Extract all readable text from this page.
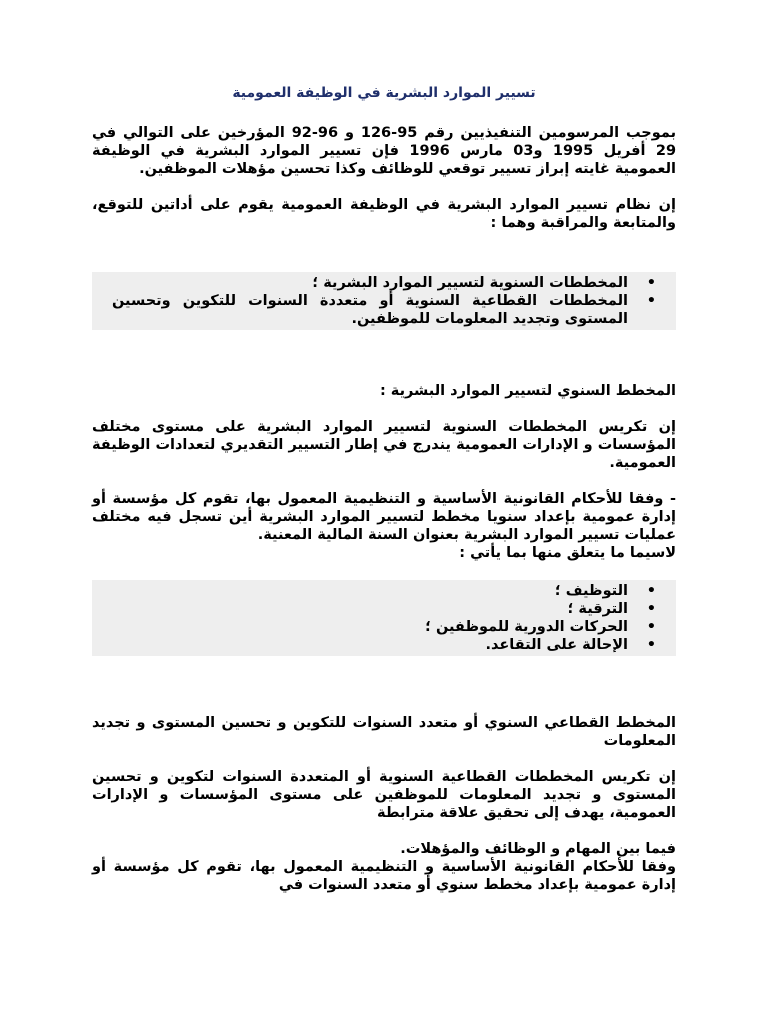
تسيير الموارد البشرية في الوظيفة العمومية

بموجب المرسومين التنفيذيين رقم 95-126 و 96-92 المؤرخين على التوالي في 29 أفريل 1995 و03 مارس 1996 فإن تسيير الموارد البشرية في الوظيفة العمومية غايته إبراز تسيير توقعي للوظائف وكذا تحسين مؤهلات الموظفين.

إن نظام تسيير الموارد البشرية في الوظيفة العمومية يقوم على أداتين للتوقع، والمتابعة والمراقبة وهما :

• المخططات السنوية لتسيير الموارد البشرية ؛
• المخططات القطاعية السنوية أو متعددة السنوات للتكوين وتحسين المستوى وتجديد المعلومات للموظفين.

المخطط السنوي لتسيير الموارد البشرية :

إن تكريس المخططات السنوية لتسيير الموارد البشرية على مستوى مختلف المؤسسات و الإدارات العمومية يندرج في إطار التسيير التقديري لتعدادات الوظيفة العمومية.

- وفقا للأحكام القانونية الأساسية و التنظيمية المعمول بها، تقوم كل مؤسسة أو إدارة عمومية بإعداد سنويا مخطط لتسيير الموارد البشرية أين تسجل فيه مختلف عمليات تسيير الموارد البشرية بعنوان السنة المالية المعنية.

لاسيما ما يتعلق منها بما يأتي :

• التوظيف ؛
• الترقية ؛
• الحركات الدورية للموظفين ؛
• الإحالة على التقاعد.

المخطط القطاعي السنوي أو متعدد السنوات للتكوين و تحسين المستوى و تجديد المعلومات

إن تكريس المخططات القطاعية السنوية أو المتعددة السنوات لتكوين و تحسين المستوى و تجديد المعلومات للموظفين على مستوى المؤسسات و الإدارات العمومية، يهدف إلى تحقيق علاقة مترابطة

فيما بين المهام و الوظائف والمؤهلات.

وفقا للأحكام القانونية الأساسية و التنظيمية المعمول بها، تقوم كل مؤسسة أو إدارة عمومية بإعداد مخطط سنوي أو متعدد السنوات في
